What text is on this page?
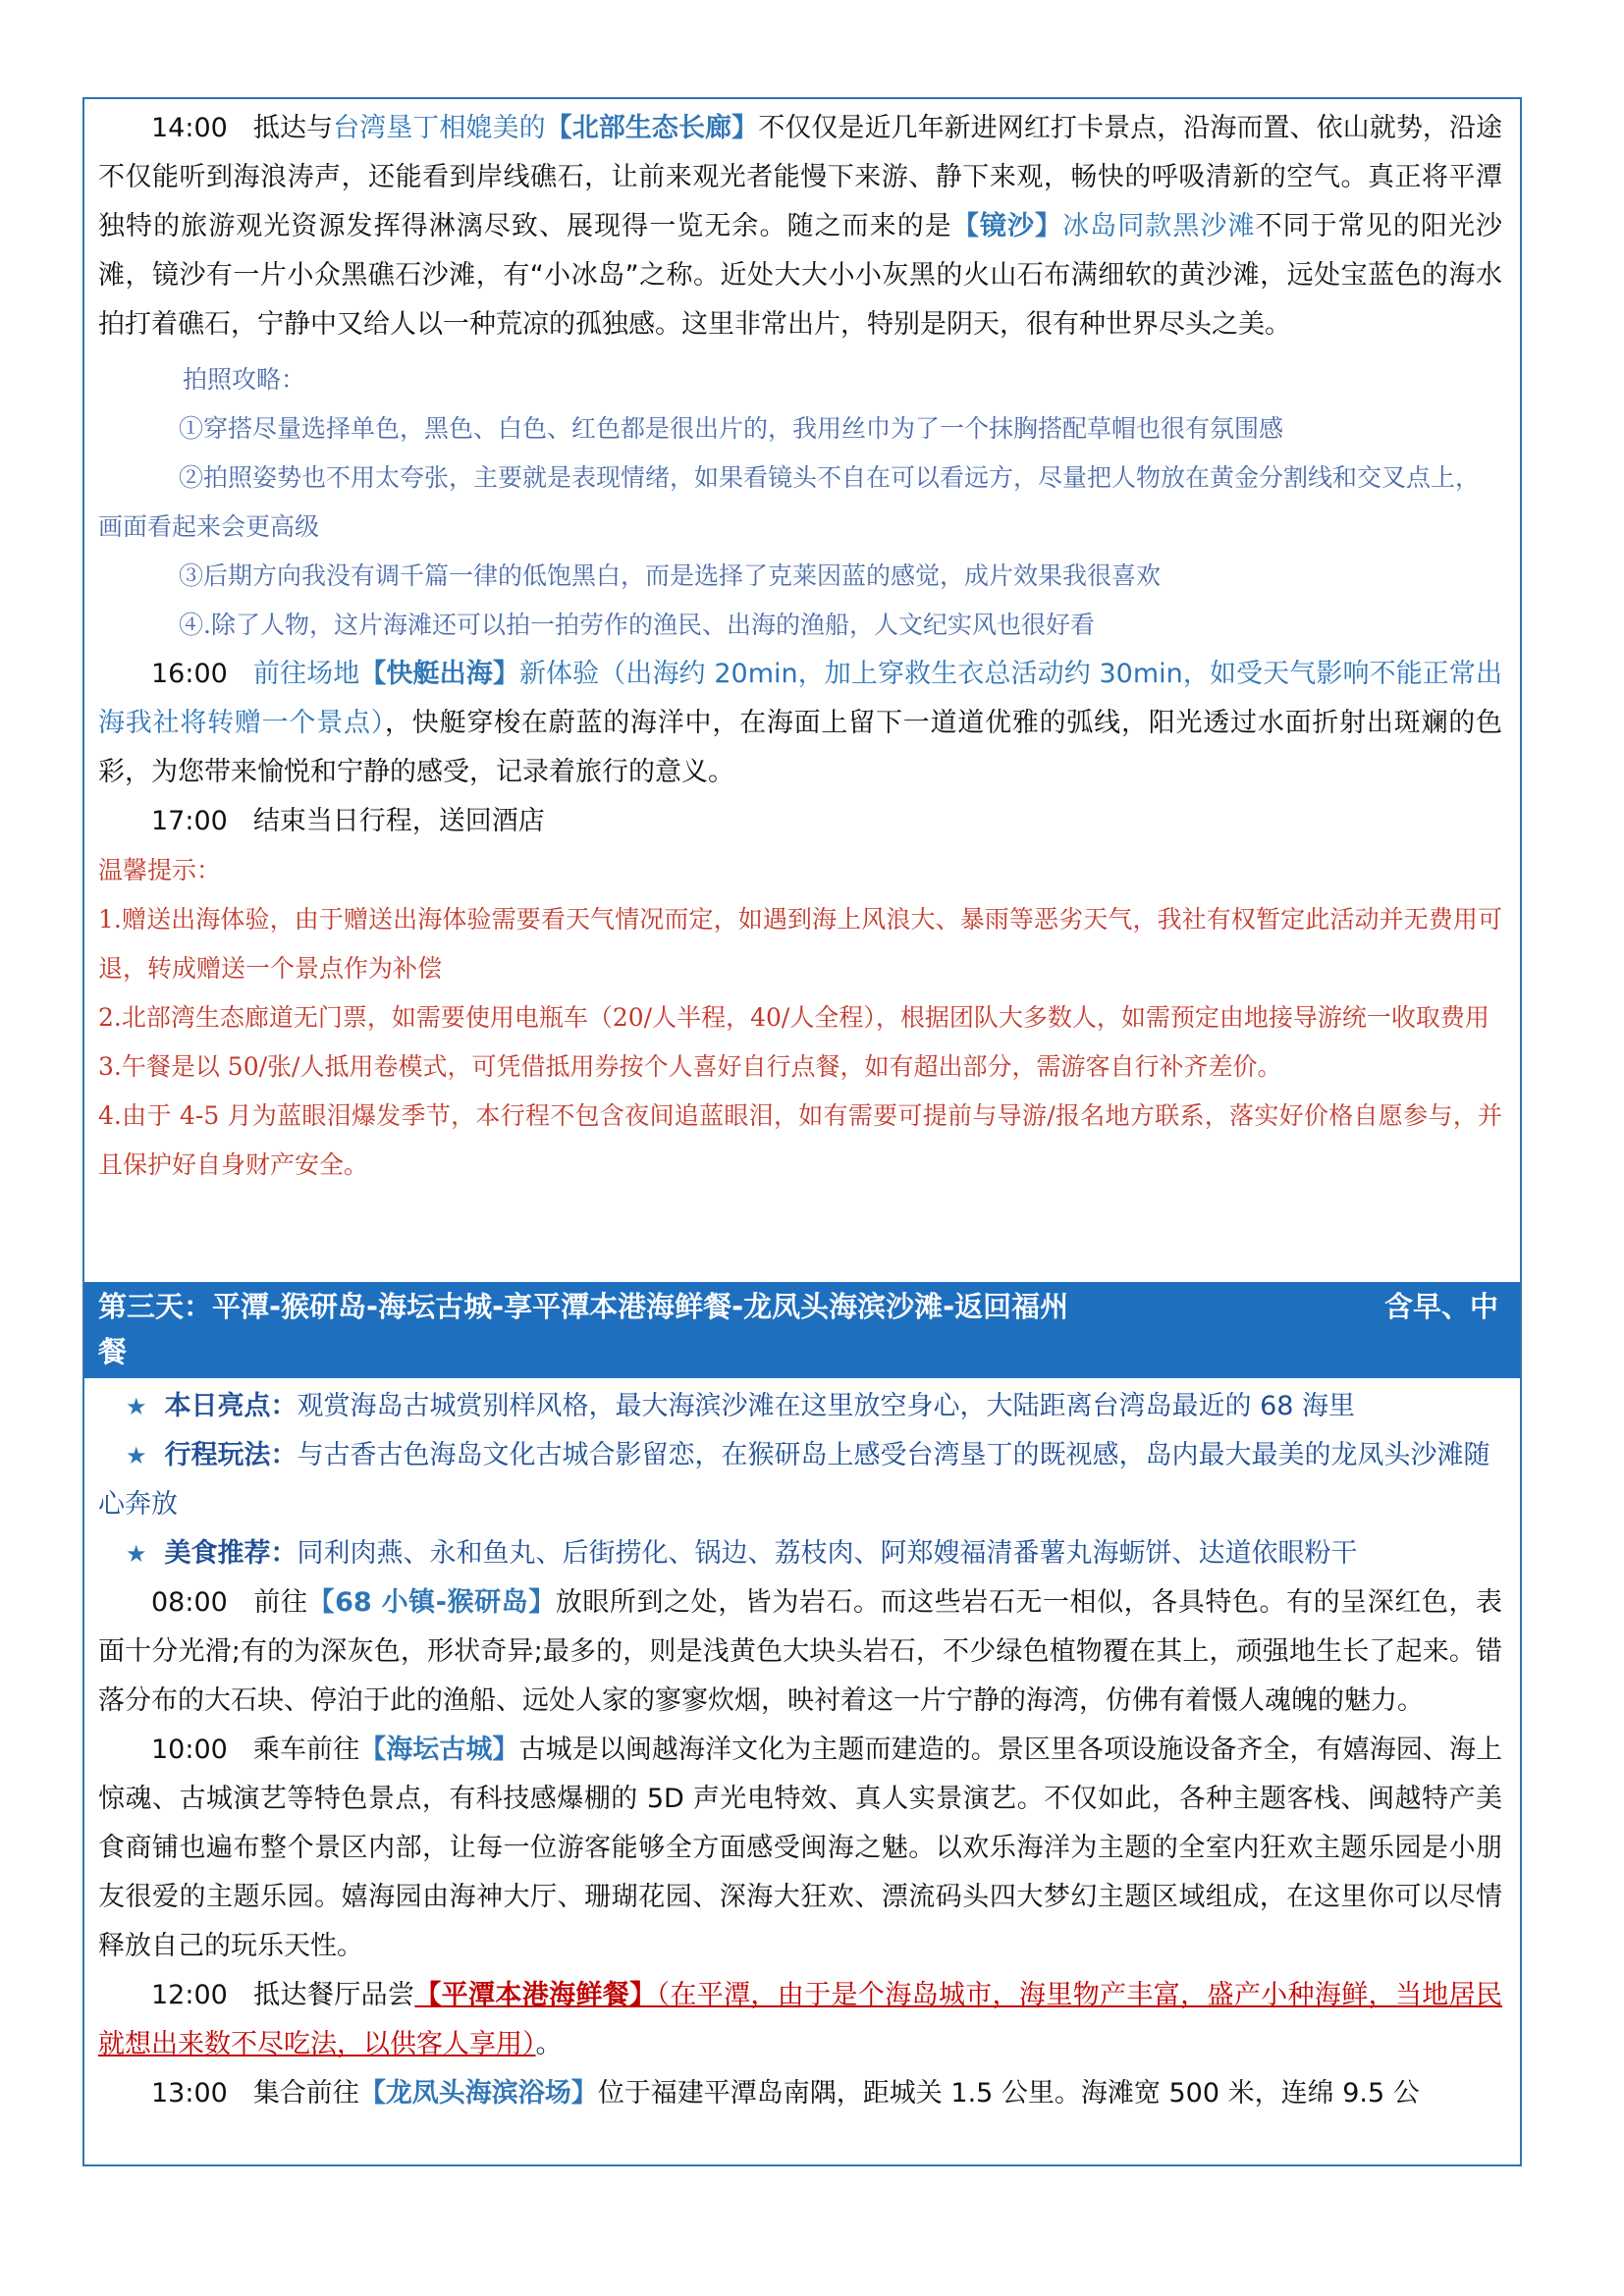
14:00 抵达与台湾垦丁相媲美的【北部生态长廊】不仅仅是近几年新进网红打卡景点，沿海而置、依山就势，沿途不仅能听到海浪涛声，还能看到岸线礁石，让前来观光者能慢下来游、静下来观，畅快的呼吸清新的空气。真正将平潭独特的旅游观光资源发挥得淋漓尽致、展现得一览无余。随之而来的是【镜沙】冰岛同款黑沙滩不同于常见的阳光沙滩，镜沙有一片小众黑礁石沙滩，有“小冰岛”之称。近处大大小小灰黑的火山石布满细软的黄沙滩，远处宝蓝色的海水拍打着礁石，宁静中又给人以一种荒凉的孤独感。这里非常出片，特别是阴天，很有种世界尽头之美。

拍照攻略：

①穿搭尽量选择单色，黑色、白色、红色都是很出片的，我用丝巾为了一个抹胸搭配草帽也很有氛围感

②拍照姿势也不用太夸张，主要就是表现情绪，如果看镜头不自在可以看远方，尽量把人物放在黄金分割线和交叉点上，画面看起来会更高级

③后期方向我没有调千篇一律的低饱黑白，而是选择了克莱因蓝的感觉，成片效果我很喜欢

④.除了人物，这片海滩还可以拍一拍劳作的渔民、出海的渔船，人文纪实风也很好看

16:00 前往场地【快艇出海】新体验（出海约 20min，加上穿救生衣总活动约 30min，如受天气影响不能正常出海我社将转赠一个景点），快艇穿梭在蔚蓝的海洋中，在海面上留下一道道优雅的弧线，阳光透过水面折射出斑斓的色彩，为您带来愉悦和宁静的感受，记录着旅行的意义。

17:00 结束当日行程，送回酒店

温馨提示：

1.赠送出海体验，由于赠送出海体验需要看天气情况而定，如遇到海上风浪大、暴雨等恶劣天气，我社有权暂定此活动并无费用可退，转成赠送一个景点作为补偿

2.北部湾生态廊道无门票，如需要使用电瓶车（20/人半程，40/人全程），根据团队大多数人，如需预定由地接导游统一收取费用

3.午餐是以 50/张/人抵用卷模式，可凭借抵用券按个人喜好自行点餐，如有超出部分，需游客自行补齐差价。

4.由于 4-5 月为蓝眼泪爆发季节，本行程不包含夜间追蓝眼泪，如有需要可提前与导游/报名地方联系，落实好价格自愿参与，并且保护好自身财产安全。

第三天：平潭-猴研岛-海坛古城-享平潭本港海鲜餐-龙凤头海滨沙滩-返回福州	含早、中
餐

★ 本日亮点：观赏海岛古城赏别样风格，最大海滨沙滩在这里放空身心，大陆距离台湾岛最近的 68 海里

★ 行程玩法：与古香古色海岛文化古城合影留恋，在猴研岛上感受台湾垦丁的既视感，岛内最大最美的龙凤头沙滩随心奔放

★ 美食推荐：同利肉燕、永和鱼丸、后街捞化、锅边、荔枝肉、阿郑嫂福清番薯丸海蛎饼、达道依眼粉干

08:00 前往【68 小镇-猴研岛】放眼所到之处，皆为岩石。而这些岩石无一相似，各具特色。有的呈深红色，表面十分光滑;有的为深灰色，形状奇异;最多的，则是浅黄色大块头岩石，不少绿色植物覆在其上，顽强地生长了起来。错落分布的大石块、停泊于此的渔船、远处人家的寥寥炊烟，映衬着这一片宁静的海湾，仿佛有着慑人魂魄的魅力。

10:00 乘车前往【海坛古城】古城是以闽越海洋文化为主题而建造的。景区里各项设施设备齐全，有嬉海园、海上惊魂、古城演艺等特色景点，有科技感爆棚的 5D 声光电特效、真人实景演艺。不仅如此，各种主题客栈、闽越特产美食商铺也遍布整个景区内部，让每一位游客能够全方面感受闽海之魅。以欢乐海洋为主题的全室内狂欢主题乐园是小朋友很爱的主题乐园。嬉海园由海神大厅、珊瑚花园、深海大狂欢、漂流码头四大梦幻主题区域组成，在这里你可以尽情释放自己的玩乐天性。

12:00 抵达餐厅品尝【平潭本港海鲜餐】（在平潭，由于是个海岛城市，海里物产丰富，盛产小种海鲜，当地居民就想出来数不尽吃法，以供客人享用）。

13:00 集合前往【龙凤头海滨浴场】位于福建平潭岛南隅，距城关 1.5 公里。海滩宽 500 米，连绵 9.5 公
